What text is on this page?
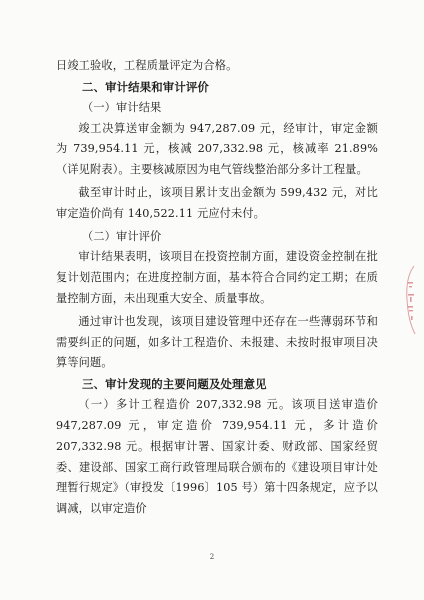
日竣工验收，工程质量评定为合格。

二、审计结果和审计评价

（一）审计结果

竣工决算送审金额为 947,287.09 元，经审计，审定金额为 739,954.11 元，核减 207,332.98 元，核减率 21.89%（详见附表）。主要核减原因为电气管线整治部分多计工程量。

截至审计时止，该项目累计支出金额为 599,432 元，对比审定造价尚有 140,522.11 元应付未付。

（二）审计评价

审计结果表明，该项目在投资控制方面，建设资金控制在批复计划范围内；在进度控制方面，基本符合合同约定工期；在质量控制方面，未出现重大安全、质量事故。

通过审计也发现，该项目建设管理中还存在一些薄弱环节和需要纠正的问题，如多计工程造价、未报建、未按时报审项目决算等问题。

三、审计发现的主要问题及处理意见

（一）多计工程造价 207,332.98 元。该项目送审造价 947,287.09 元，审定造价 739,954.11 元，多计造价 207,332.98 元。根据审计署、国家计委、财政部、国家经贸委、建设部、国家工商行政管理局联合颁布的《建设项目审计处理暂行规定》（审投发〔1996〕105 号）第十四条规定，应予以调减，以审定造价

2
